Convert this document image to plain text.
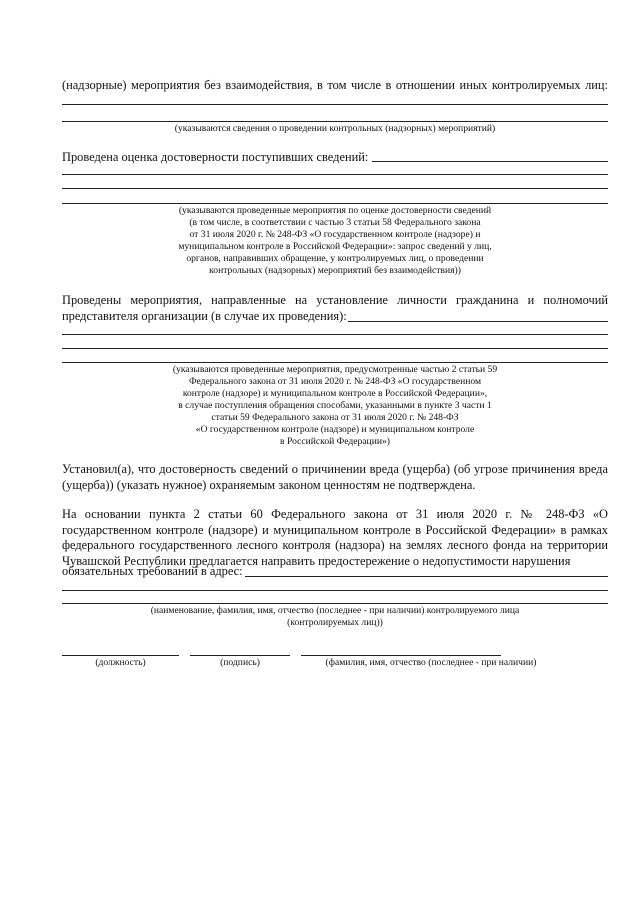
(надзорные) мероприятия без взаимодействия, в том числе в отношении иных контролируемых лиц:
(указываются сведения о проведении контрольных (надзорных) мероприятий)
Проведена оценка достоверности поступивших сведений:
(указываются проведенные мероприятия по оценке достоверности сведений
(в том числе, в соответствии с частью 3 статьи 58 Федерального закона
от 31 июля 2020 г. № 248-ФЗ «О государственном контроле (надзоре) и
муниципальном контроле в Российской Федерации»: запрос сведений у лиц,
органов, направивших обращение, у контролируемых лиц, о проведении
контрольных (надзорных) мероприятий без взаимодействия))
Проведены мероприятия, направленные на установление личности гражданина и полномочий
представителя организации (в случае их проведения):
(указываются проведенные мероприятия, предусмотренные частью 2 статьи 59
Федерального закона от 31 июля 2020 г. № 248-ФЗ «О государственном
контроле (надзоре) и муниципальном контроле в Российской Федерации»,
в случае поступления обращения способами, указанными в пункте 3 части 1
статьи 59 Федерального закона от 31 июля 2020 г. № 248-ФЗ
«О государственном контроле (надзоре) и муниципальном контроле
в Российской Федерации»)
Установил(а), что достоверность сведений о причинении вреда (ущерба) (об угрозе причинения вреда (ущерба)) (указать нужное) охраняемым законом ценностям не подтверждена.
На основании пункта 2 статьи 60 Федерального закона от 31 июля 2020 г. № 248-ФЗ «О государственном контроле (надзоре) и муниципальном контроле в Российской Федерации» в рамках федерального государственного лесного контроля (надзора) на землях лесного фонда на территории Чувашской Республики предлагается направить предостережение о недопустимости нарушения
обязательных требований в адрес:
(наименование, фамилия, имя, отчество (последнее - при наличии) контролируемого лица
(контролируемых лиц))
(должность)	(подпись)	(фамилия, имя, отчество (последнее - при наличии)
